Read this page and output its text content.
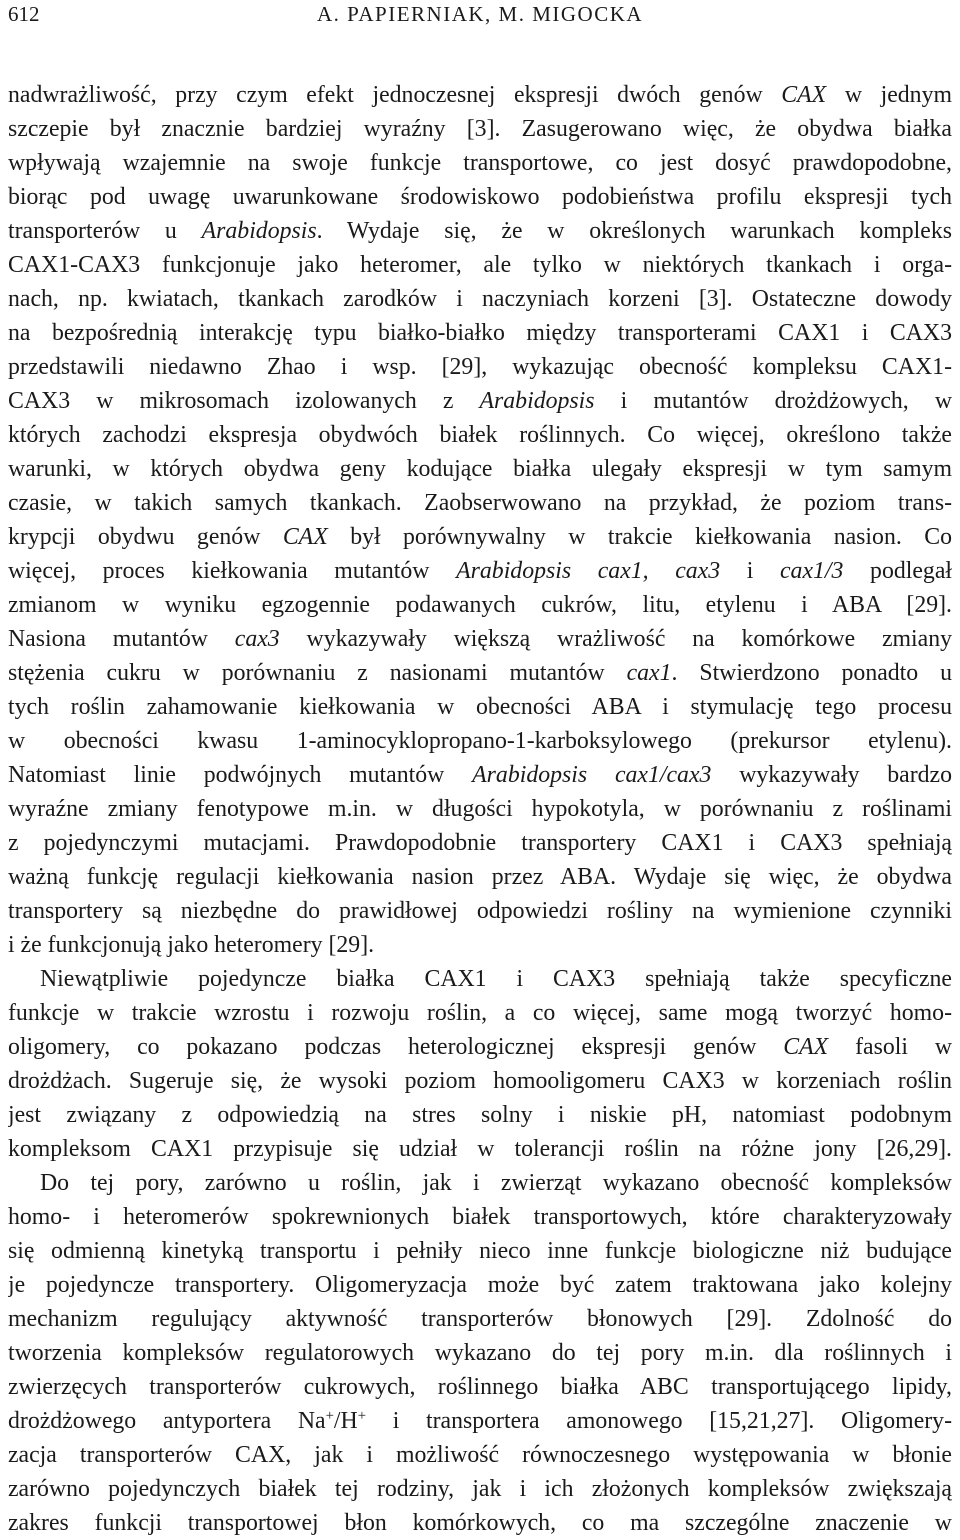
612	A. PAPIERNIAK, M. MIGOCKA
nadwrażliwość, przy czym efekt jednoczesnej ekspresji dwóch genów CAX w jednym
szczepie był znacznie bardziej wyraźny [3]. Zasugerowano więc, że obydwa białka
wpływają wzajemnie na swoje funkcje transportowe, co jest dosyć prawdopodobne,
biorąc pod uwagę uwarunkowane środowiskowo podobieństwa profilu ekspresji tych
transporterów u Arabidopsis. Wydaje się, że w określonych warunkach kompleks
CAX1-CAX3 funkcjonuje jako heteromer, ale tylko w niektórych tkankach i orga-
nach, np. kwiatach, tkankach zarodków i naczyniach korzeni [3]. Ostateczne dowody
na bezpośrednią interakcję typu białko-białko między transporterami CAX1 i CAX3
przedstawili niedawno Zhao i wsp. [29], wykazując obecność kompleksu CAX1-
CAX3 w mikrosomach izolowanych z Arabidopsis i mutantów drożdżowych, w
których zachodzi ekspresja obydwóch białek roślinnych. Co więcej, określono także
warunki, w których obydwa geny kodujące białka ulegały ekspresji w tym samym
czasie, w takich samych tkankach. Zaobserwowano na przykład, że poziom trans-
krypcji obydwu genów CAX był porównywalny w trakcie kiełkowania nasion. Co
więcej, proces kiełkowania mutantów Arabidopsis cax1, cax3 i cax1/3 podlegał
zmianom w wyniku egzogennie podawanych cukrów, litu, etylenu i ABA [29].
Nasiona mutantów cax3 wykazywały większą wrażliwość na komórkowe zmiany
stężenia cukru w porównaniu z nasionami mutantów cax1. Stwierdzono ponadto u
tych roślin zahamowanie kiełkowania w obecności ABA i stymulację tego procesu
w obecności kwasu 1-aminocyklopropano-1-karboksylowego (prekursor etylenu).
Natomiast linie podwójnych mutantów Arabidopsis cax1/cax3 wykazywały bardzo
wyraźne zmiany fenotypowe m.in. w długości hypokotyla, w porównaniu z roślinami
z pojedynczymi mutacjami. Prawdopodobnie transportery CAX1 i CAX3 spełniają
ważną funkcję regulacji kiełkowania nasion przez ABA. Wydaje się więc, że obydwa
transportery są niezbędne do prawidłowej odpowiedzi rośliny na wymienione czynniki
i że funkcjonują jako heteromery [29].
Niewątpliwie pojedyncze białka CAX1 i CAX3 spełniają także specyficzne
funkcje w trakcie wzrostu i rozwoju roślin, a co więcej, same mogą tworzyć homo-
oligomery, co pokazano podczas heterologicznej ekspresji genów CAX fasoli w
drożdżach. Sugeruje się, że wysoki poziom homooligomeru CAX3 w korzeniach roślin
jest związany z odpowiedzią na stres solny i niskie pH, natomiast podobnym
kompleksom CAX1 przypisuje się udział w tolerancji roślin na różne jony [26,29].
Do tej pory, zarówno u roślin, jak i zwierząt wykazano obecność kompleksów
homo- i heteromerów spokrewnionych białek transportowych, które charakteryzowały
się odmienną kinetyką transportu i pełniły nieco inne funkcje biologiczne niż budujące
je pojedyncze transportery. Oligomeryzacja może być zatem traktowana jako kolejny
mechanizm regulujący aktywność transporterów błonowych [29]. Zdolność do
tworzenia kompleksów regulatorowych wykazano do tej pory m.in. dla roślinnych i
zwierzęcych transporterów cukrowych, roślinnego białka ABC transportującego lipidy,
drożdżowego antyportera Na+/H+ i transportera amonowego [15,21,27]. Oligomery-
zacja transporterów CAX, jak i możliwość równoczesnego występowania w błonie
zarówno pojedynczych białek tej rodziny, jak i ich złożonych kompleksów zwiększają
zakres funkcji transportowej błon komórkowych, co ma szczególne znaczenie w
